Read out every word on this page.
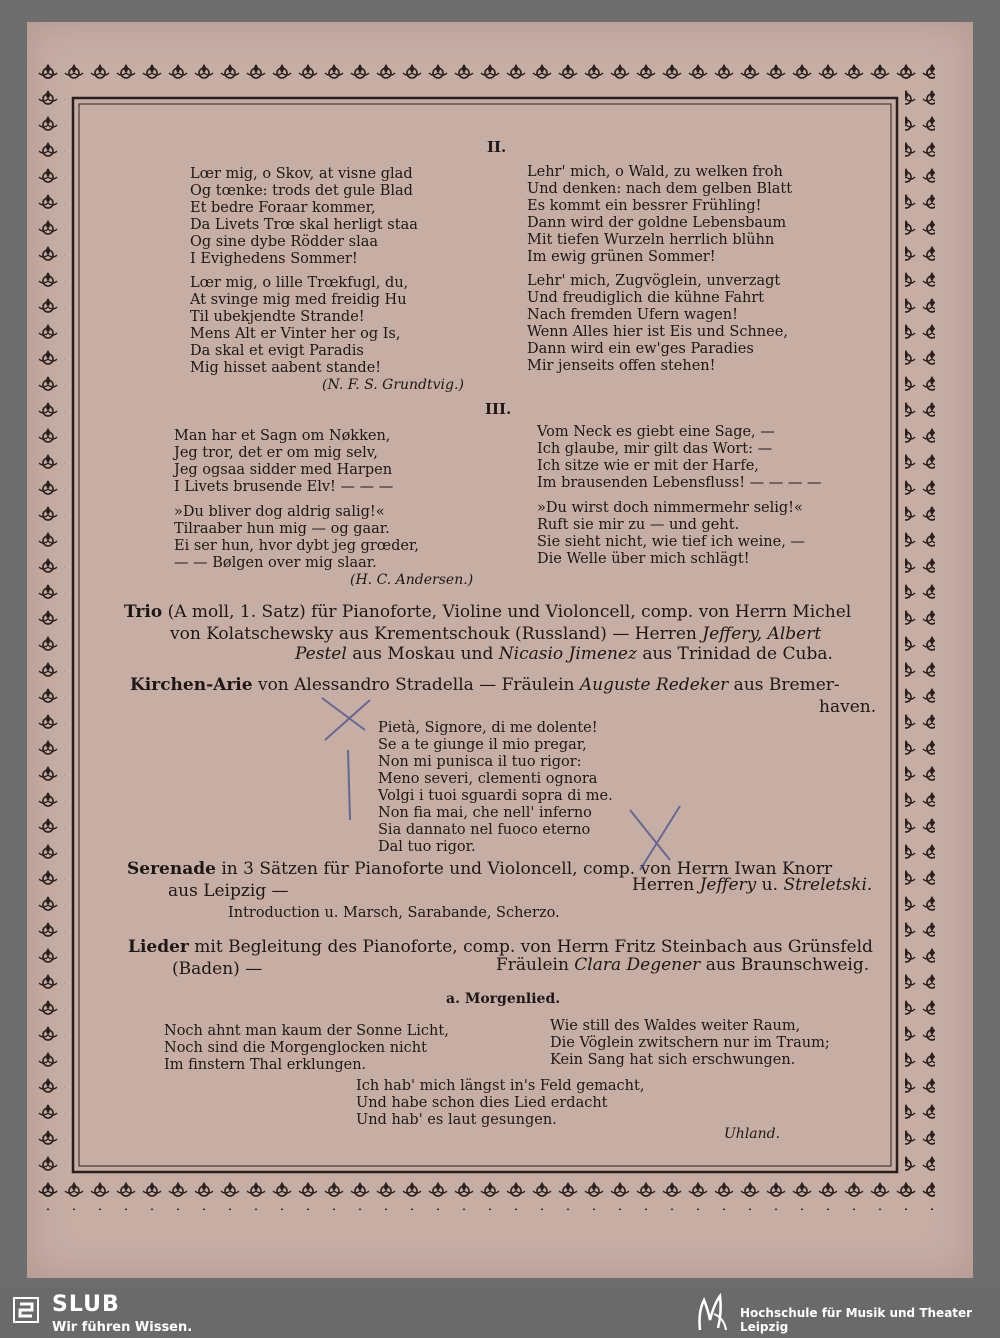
II.
Lœr mig, o Skov, at visne glad
Og tœnke: trods det gule Blad
Et bedre Foraar kommer,
Da Livets Trœ skal herligt staa
Og sine dybe Rödder slaa
I Evighedens Sommer!
Lœr mig, o lille Trœkfugl, du,
At svinge mig med freidig Hu
Til ubekjendte Strande!
Mens Alt er Vinter her og Is,
Da skal et evigt Paradis
Mig hisset aabent stande!
Lehr' mich, o Wald, zu welken froh
Und denken: nach dem gelben Blatt
Es kommt ein bessrer Frühling!
Dann wird der goldne Lebensbaum
Mit tiefen Wurzeln herrlich blühn
Im ewig grünen Sommer!
Lehr' mich, Zugvöglein, unverzagt
Und freudiglich die kühne Fahrt
Nach fremden Ufern wagen!
Wenn Alles hier ist Eis und Schnee,
Dann wird ein ew'ges Paradies
Mir jenseits offen stehen!
(N. F. S. Grundtvig.)
III.
Man har et Sagn om Nøkken,
Jeg tror, det er om mig selv,
Jeg ogsaa sidder med Harpen
I Livets brusende Elv! — — —
»Du bliver dog aldrig salig!«
Tilraaber hun mig — og gaar.
Ei ser hun, hvor dybt jeg grœder,
— — Bølgen over mig slaar.
Vom Neck es giebt eine Sage, —
Ich glaube, mir gilt das Wort: —
Ich sitze wie er mit der Harfe,
Im brausenden Lebensfluss! — — — —
»Du wirst doch nimmermehr selig!«
Ruft sie mir zu — und geht.
Sie sieht nicht, wie tief ich weine, —
Die Welle über mich schlägt!
(H. C. Andersen.)
Trio (A moll, 1. Satz) für Pianoforte, Violine und Violoncell, comp. von Herrn Michel
von Kolatschewsky aus Krementschouk (Russland) — Herren Jeffery, Albert
Pestel aus Moskau und Nicasio Jimenez aus Trinidad de Cuba.
Kirchen-Arie von Alessandro Stradella — Fräulein Auguste Redeker aus Bremer-
haven.
Pietà, Signore, di me dolente!
Se a te giunge il mio pregar,
Non mi punisca il tuo rigor:
Meno severi, clementi ognora
Volgi i tuoi sguardi sopra di me.
Non fia mai, che nell' inferno
Sia dannato nel fuoco eterno
Dal tuo rigor.
Serenade in 3 Sätzen für Pianoforte und Violoncell, comp. von Herrn Iwan Knorr
aus Leipzig —	Herren Jeffery u. Streletski.
Introduction u. Marsch, Sarabande, Scherzo.
Lieder mit Begleitung des Pianoforte, comp. von Herrn Fritz Steinbach aus Grünsfeld
(Baden) —	Fräulein Clara Degener aus Braunschweig.
a. Morgenlied.
Noch ahnt man kaum der Sonne Licht,
Noch sind die Morgenglocken nicht
Im finstern Thal erklungen.
Wie still des Waldes weiter Raum,
Die Vöglein zwitschern nur im Traum;
Kein Sang hat sich erschwungen.
Ich hab' mich längst in's Feld gemacht,
Und habe schon dies Lied erdacht
Und hab' es laut gesungen.
Uhland.
SLUB
Wir führen Wissen.
Hochschule für Musik und Theater Leipzig
